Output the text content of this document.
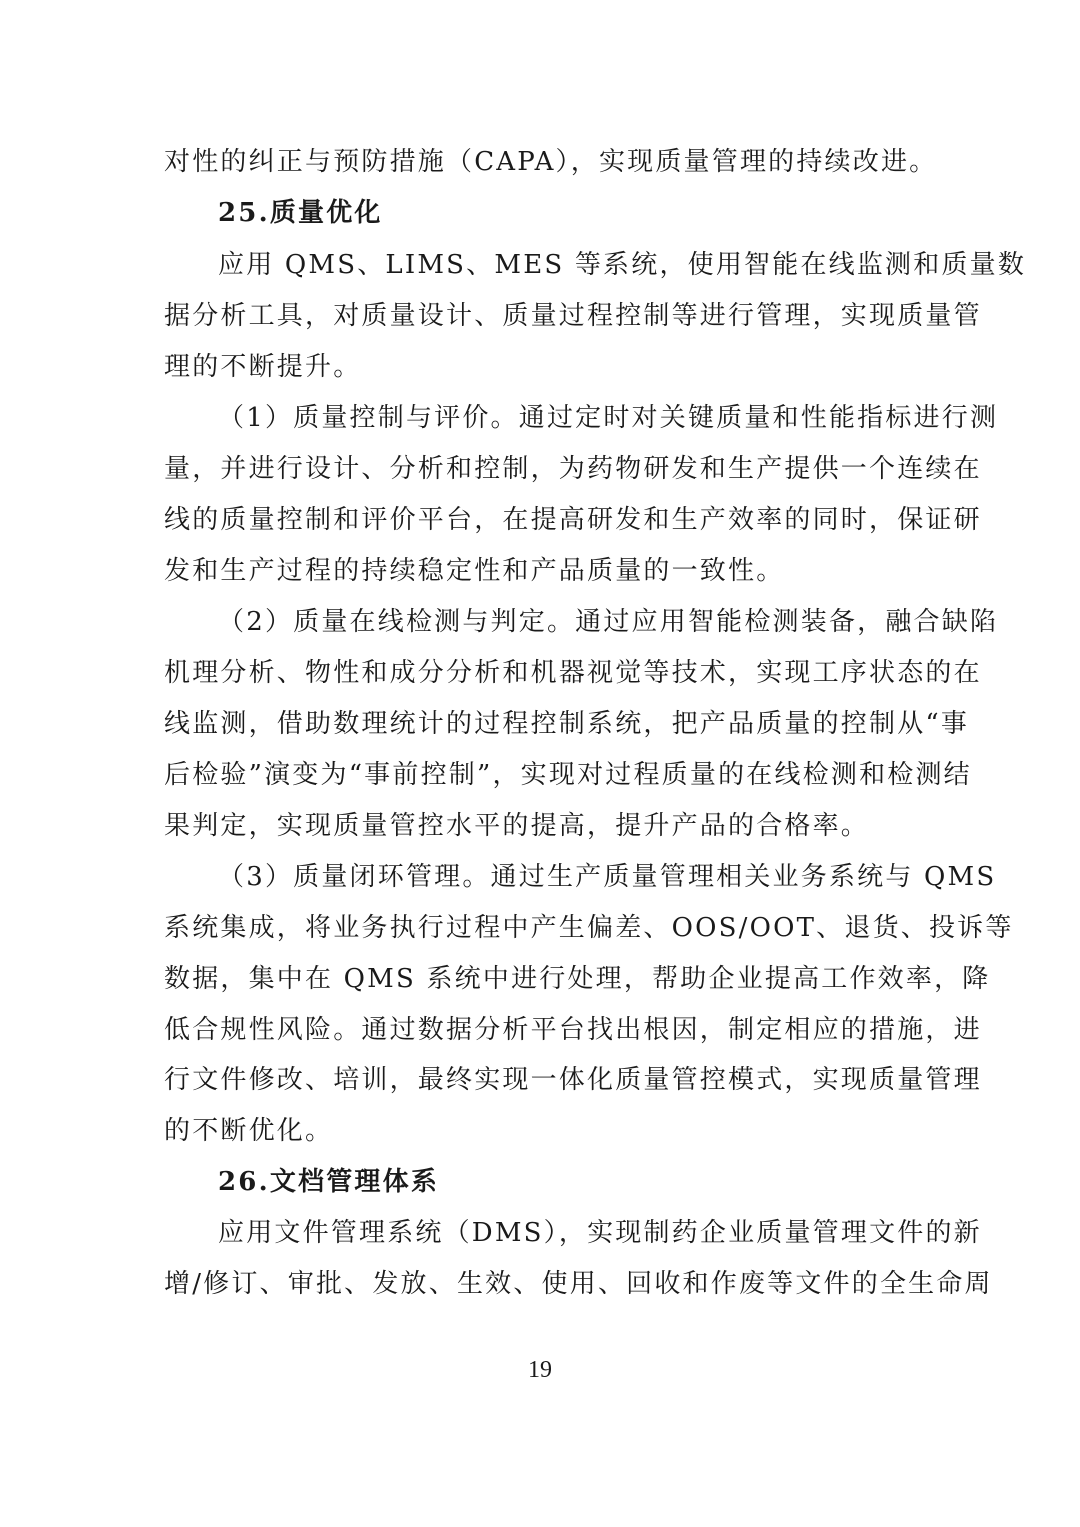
对性的纠正与预防措施（CAPA），实现质量管理的持续改进。

25.质量优化

应用 QMS、LIMS、MES 等系统，使用智能在线监测和质量数

据分析工具，对质量设计、质量过程控制等进行管理，实现质量管

理的不断提升。

（1）质量控制与评价。通过定时对关键质量和性能指标进行测

量，并进行设计、分析和控制，为药物研发和生产提供一个连续在

线的质量控制和评价平台，在提高研发和生产效率的同时，保证研

发和生产过程的持续稳定性和产品质量的一致性。

（2）质量在线检测与判定。通过应用智能检测装备，融合缺陷

机理分析、物性和成分分析和机器视觉等技术，实现工序状态的在

线监测，借助数理统计的过程控制系统，把产品质量的控制从“事

后检验”演变为“事前控制”，实现对过程质量的在线检测和检测结

果判定，实现质量管控水平的提高，提升产品的合格率。

（3）质量闭环管理。通过生产质量管理相关业务系统与 QMS

系统集成，将业务执行过程中产生偏差、OOS/OOT、退货、投诉等

数据，集中在 QMS 系统中进行处理，帮助企业提高工作效率，降

低合规性风险。通过数据分析平台找出根因，制定相应的措施，进

行文件修改、培训，最终实现一体化质量管控模式，实现质量管理

的不断优化。

26.文档管理体系

应用文件管理系统（DMS），实现制药企业质量管理文件的新

增/修订、审批、发放、生效、使用、回收和作废等文件的全生命周

19
